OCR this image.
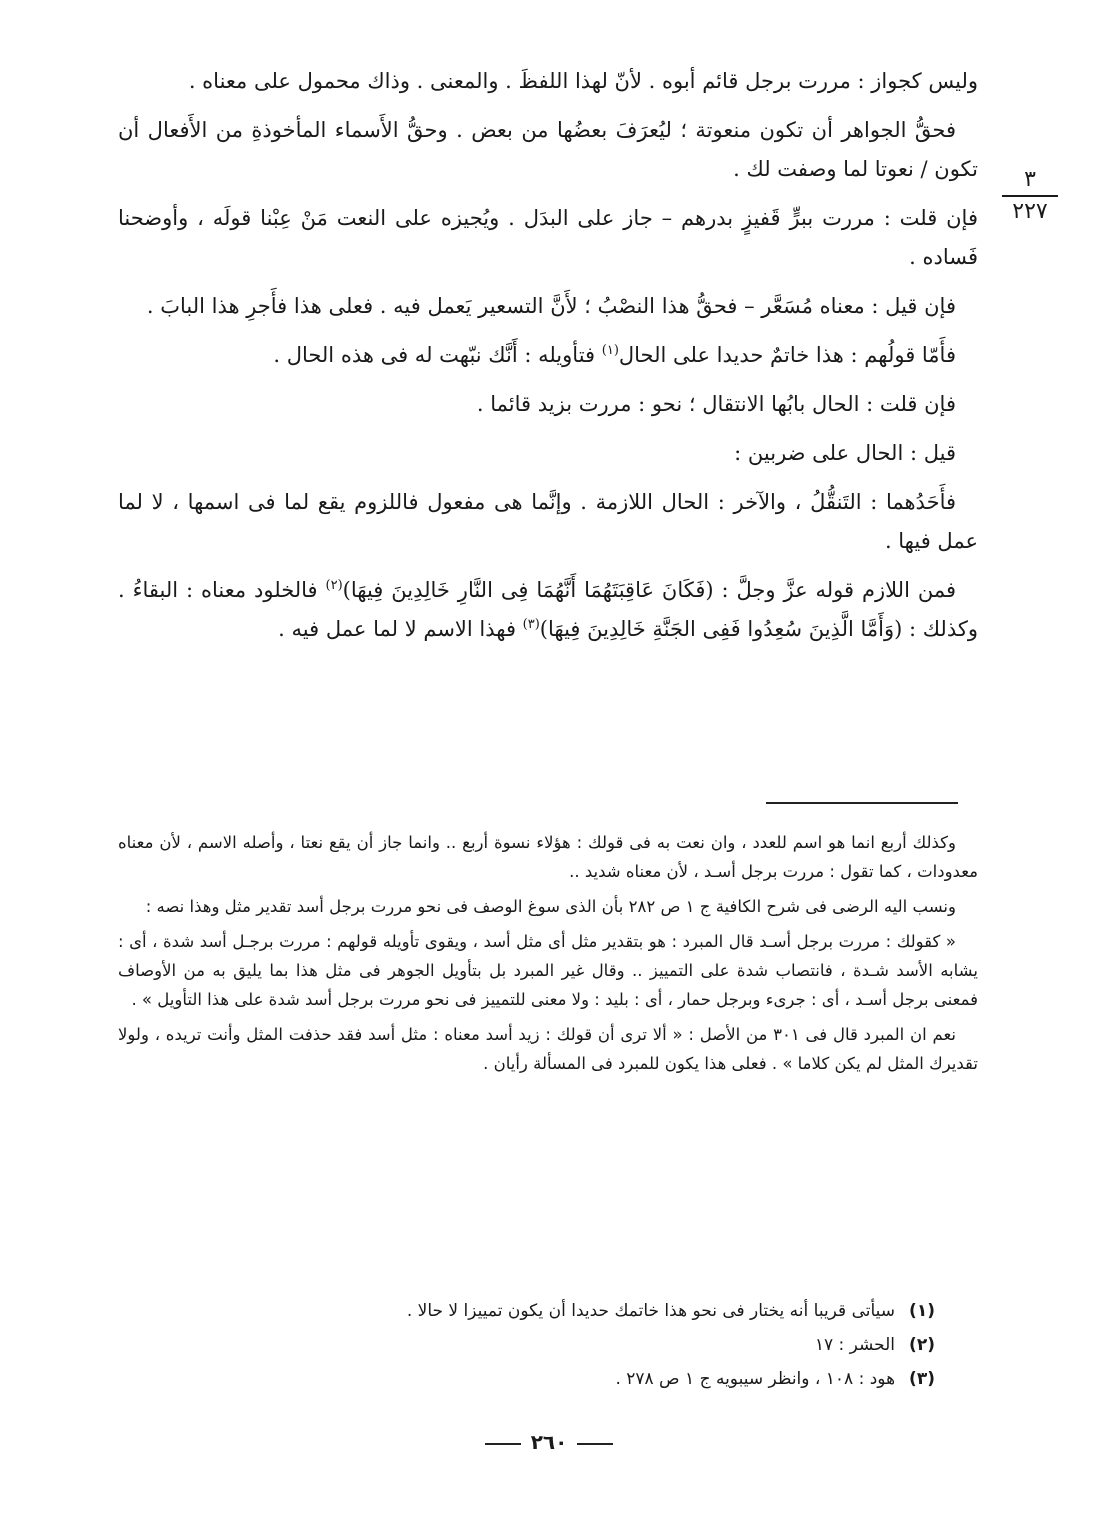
٣
٢٢٧

وليس كجواز : مررت برجل قائم أبوه . لأنّ لهذا اللفظَ . والمعنى . وذاك محمول على معناه .

فحقُّ الجواهر أن تكون منعوتة ؛ ليُعرَفَ بعضُها من بعض . وحقُّ الأَسماء المأخوذةِ من الأَفعال أن تكون / نعوتا لما وصفت لك .

فإن قلت : مررت ببرٍّ قَفيزٍ بدرهم – جاز على البدَل . ويُجيزه على النعت مَنْ عِبْنا قولَه ، وأوضحنا فَساده .

فإن قيل : معناه مُسَعَّر – فحقُّ هذا النصْبُ ؛ لأَنَّ التسعير يَعمل فيه . فعلى هذا فأَجرِ هذا البابَ .

فأَمّا قولُهم : هذا خاتمٌ حديدا على الحال$^{(١)}$ فتأويله : أَنَّك نبّهت له فى هذه الحال .

فإن قلت : الحال بابُها الانتقال ؛ نحو : مررت بزيد قائما .

قيل : الحال على ضربين :

فأَحَدُهما : التَنقُّلُ ، والآخر : الحال اللازمة . وإنَّما هى مفعول فاللزوم يقع لما فى اسمها ، لا لما عمل فيها .

فمن اللازم قوله عزَّ وجلَّ : (فَكَانَ عَاقِبَتَهُمَا أَنَّهُمَا فِى النَّارِ خَالِدِينَ فِيهَا)$^{(٢)}$ فالخلود معناه : البقاءُ . وكذلك : (وَأَمَّا الَّذِينَ سُعِدُوا فَفِى الجَنَّةِ خَالِدِينَ فِيهَا)$^{(٣)}$ فهذا الاسم لا لما عمل فيه .

وكذلك أربع انما هو اسم للعدد ، وان نعت به فى قولك : هؤلاء نسوة أربع .. وانما جاز أن يقع نعتا ، وأصله الاسم ، لأن معناه معدودات ، كما تقول : مررت برجل أسـد ، لأن معناه شديد ..

ونسب اليه الرضى فى شرح الكافية ج ١ ص ٢٨٢ بأن الذى سوغ الوصف فى نحو مررت برجل أسد تقدير مثل وهذا نصه :

« كقولك : مررت برجل أسـد قال المبرد : هو بتقدير مثل أى مثل أسد ، ويقوى تأويله قولهم : مررت برجـل أسد شدة ، أى : يشابه الأسد شـدة ، فانتصاب شدة على التمييز .. وقال غير المبرد بل بتأويل الجوهر فى مثل هذا بما يليق به من الأوصاف فمعنى برجل أسـد ، أى : جرىء وبرجل حمار ، أى : بليد : ولا معنى للتمييز فى نحو مررت برجل أسد شدة على هذا التأويل » .

نعم ان المبرد قال فى ٣٠١ من الأصل : « ألا ترى أن قولك : زيد أسد معناه : مثل أسد فقد حذفت المثل وأنت تريده ، ولولا تقديرك المثل لم يكن كلاما » . فعلى هذا يكون للمبرد فى المسألة رأيان .

(١)
سيأتى قريبا أنه يختار فى نحو هذا خاتمك حديدا أن يكون تمييزا لا حالا .
(٢)
الحشر : ١٧
(٣)
هود : ١٠٨ ، وانظر سيبويه ج ١ ص ٢٧٨ .
٢٦٠
